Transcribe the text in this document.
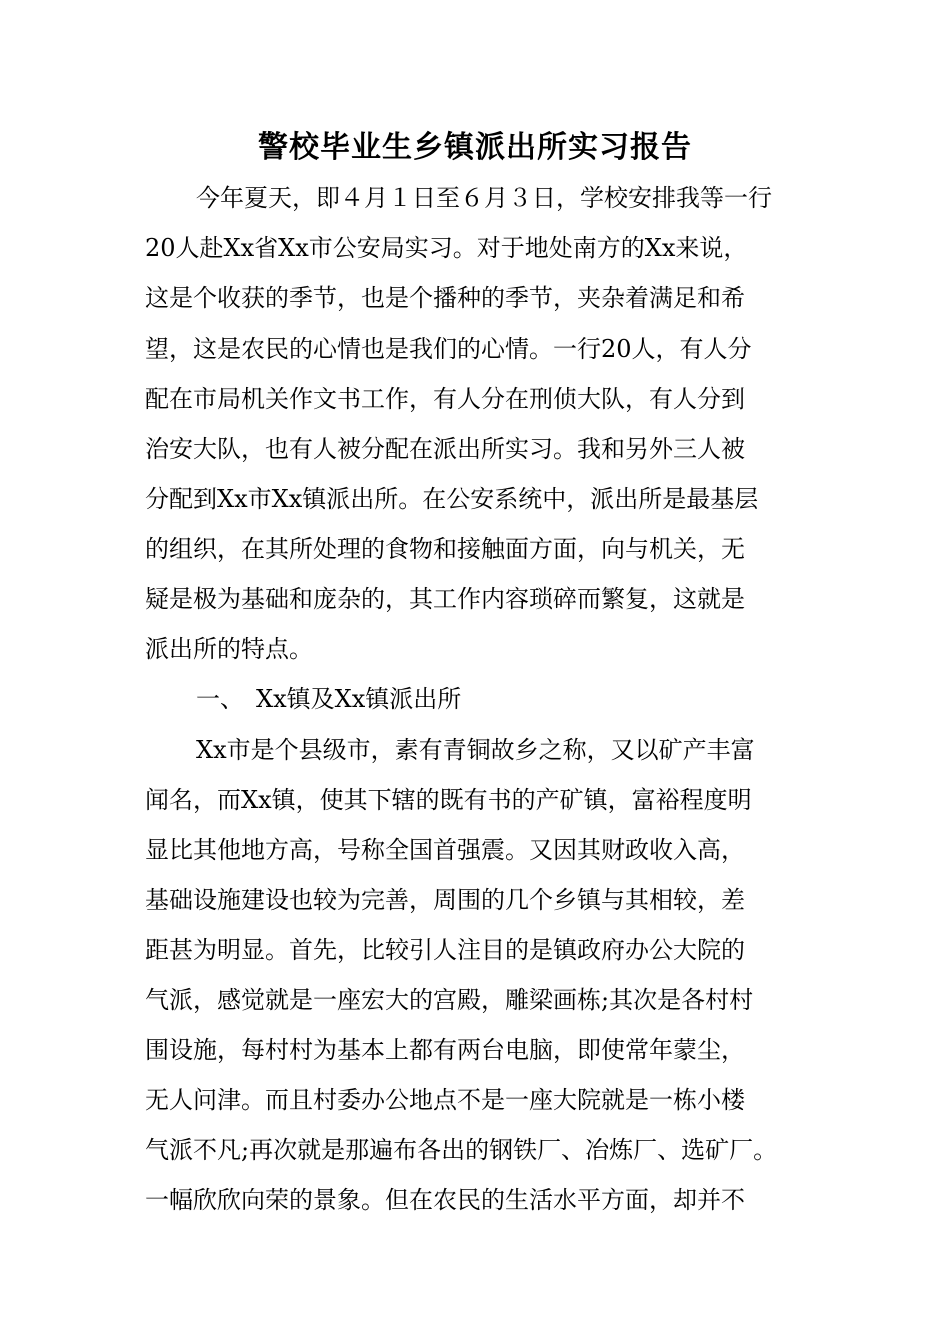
警校毕业生乡镇派出所实习报告

今年夏天，即４月１日至６月３日，学校安排我等一行

20人赴Xx省Xx市公安局实习。对于地处南方的Xx来说，

这是个收获的季节，也是个播种的季节，夹杂着满足和希

望，这是农民的心情也是我们的心情。一行20人，有人分

配在市局机关作文书工作，有人分在刑侦大队，有人分到

治安大队，也有人被分配在派出所实习。我和另外三人被

分配到Xx市Xx镇派出所。在公安系统中，派出所是最基层

的组织，在其所处理的食物和接触面方面，向与机关，无

疑是极为基础和庞杂的，其工作内容琐碎而繁复，这就是

派出所的特点。

一、　Xx镇及Xx镇派出所

Xx市是个县级市，素有青铜故乡之称，又以矿产丰富

闻名，而Xx镇，使其下辖的既有书的产矿镇，富裕程度明

显比其他地方高，号称全国首强震。又因其财政收入高，

基础设施建设也较为完善，周围的几个乡镇与其相较，差

距甚为明显。首先，比较引人注目的是镇政府办公大院的

气派，感觉就是一座宏大的宫殿，雕梁画栋;其次是各村村

围设施，每村村为基本上都有两台电脑，即使常年蒙尘，

无人问津。而且村委办公地点不是一座大院就是一栋小楼

气派不凡;再次就是那遍布各出的钢铁厂、冶炼厂、选矿厂。

一幅欣欣向荣的景象。但在农民的生活水平方面，却并不
